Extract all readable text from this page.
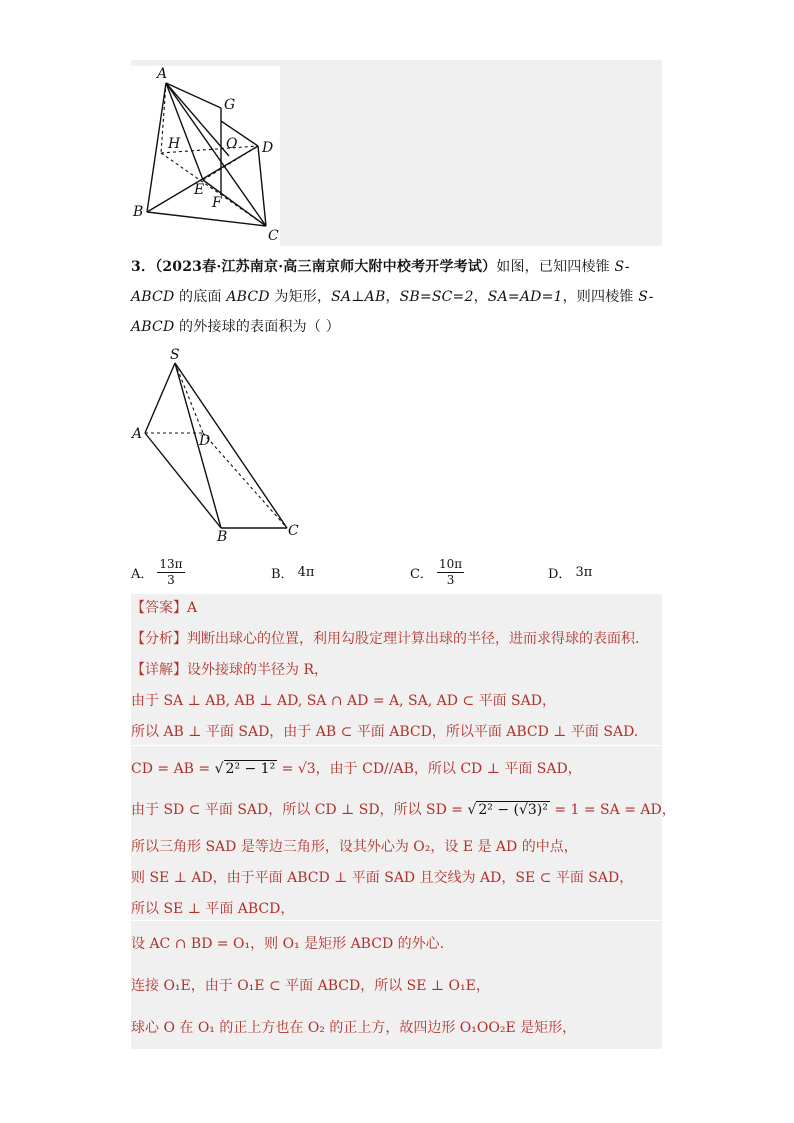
A
G
H	O D
E
F
B
C
3．（2023春·江苏南京·高三南京师大附中校考开学考试）如图，已知四棱锥 S-ABCD 的底面 ABCD 为矩形，SA⊥AB，SB=SC=2，SA=AD=1，则四棱锥 S-ABCD 的外接球的表面积为（ ）
S
A	D
B	C
A． $\frac{13\pi}{3}$	B． 4π	C． $\frac{10\pi}{3}$	D． 3π
【答案】A
【分析】判断出球心的位置，利用勾股定理计算出球的半径，进而求得球的表面积.
【详解】设外接球的半径为 R，
由于 SA ⊥ AB, AB ⊥ AD, SA ∩ AD = A, SA, AD ⊂ 平面 SAD，
所以 AB ⊥ 平面 SAD，由于 AB ⊂ 平面 ABCD，所以平面 ABCD ⊥ 平面 SAD.
CD = AB = √ 2² − 1² = √3，由于 CD//AB，所以 CD ⊥ 平面 SAD，
由于 SD ⊂ 平面 SAD，所以 CD ⊥ SD，所以 SD = √ 2² − (√3)² = 1 = SA = AD，
所以三角形 SAD 是等边三角形，设其外心为 O₂，设 E 是 AD 的中点，
则 SE ⊥ AD，由于平面 ABCD ⊥ 平面 SAD 且交线为 AD，SE ⊂ 平面 SAD，
所以 SE ⊥ 平面 ABCD，
设 AC ∩ BD = O₁，则 O₁ 是矩形 ABCD 的外心.
连接 O₁E，由于 O₁E ⊂ 平面 ABCD，所以 SE ⊥ O₁E，
球心 O 在 O₁ 的正上方也在 O₂ 的正上方，故四边形 O₁OO₂E 是矩形，
